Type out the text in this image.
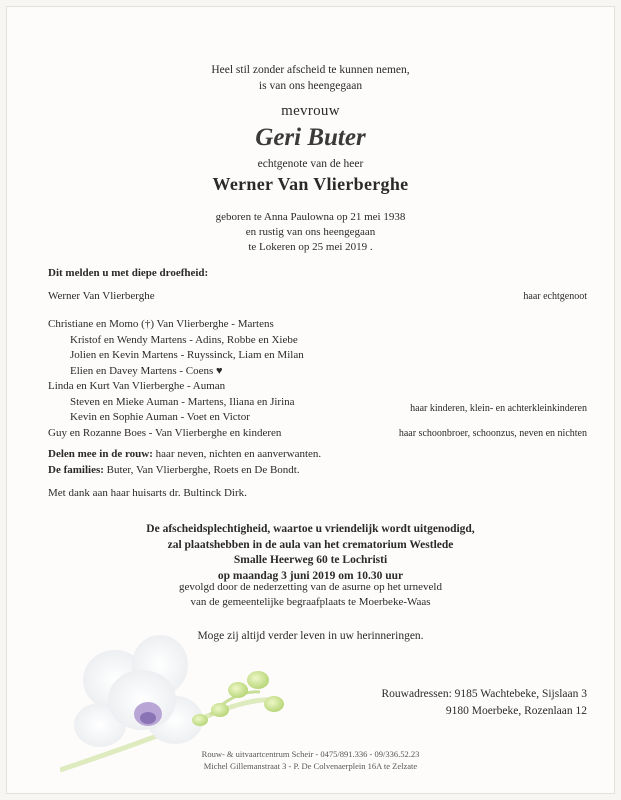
Heel stil zonder afscheid te kunnen nemen,
is van ons heengegaan
mevrouw
Geri Buter
echtgenote van de heer
Werner Van Vlierberghe
geboren te Anna Paulowna op 21 mei 1938
en rustig van ons heengegaan
te Lokeren op 25 mei 2019 .
Dit melden u met diepe droefheid:
Werner Van Vlierberghe	haar echtgenoot
Christiane en Momo (†) Van Vlierberghe - Martens
Kristof en Wendy Martens - Adins, Robbe en Xiebe
Jolien en Kevin Martens - Ruyssinck, Liam en Milan
Elien en Davey Martens - Coens ♥
Linda en Kurt Van Vlierberghe - Auman
Steven en Mieke Auman - Martens, Iliana en Jirina
Kevin en Sophie Auman - Voet en Victor
haar kinderen, klein- en achterkleinkinderen
Guy en Rozanne Boes - Van Vlierberghe en kinderen	haar schoonbroer, schoonzus, neven en nichten
Delen mee in de rouw: haar neven, nichten en aanverwanten.
De families: Buter, Van Vlierberghe, Roets en De Bondt.
Met dank aan haar huisarts dr. Bultinck Dirk.
De afscheidsplechtigheid, waartoe u vriendelijk wordt uitgenodigd,
zal plaatshebben in de aula van het crematorium Westlede
Smalle Heerweg 60 te Lochristi
op maandag 3 juni 2019 om 10.30 uur
gevolgd door de nederzetting van de asurne op het urneveld
van de gemeentelijke begraafplaats te Moerbeke-Waas
Moge zij altijd verder leven in uw herinneringen.
Rouwadressen: 9185 Wachtebeke, Sijslaan 3
9180 Moerbeke, Rozenlaan 12
Rouw- & uitvaartcentrum Scheir - 0475/891.336 - 09/336.52.23
Michel Gillemanstraat 3 - P. De Colvenaerplein 16A te Zelzate
